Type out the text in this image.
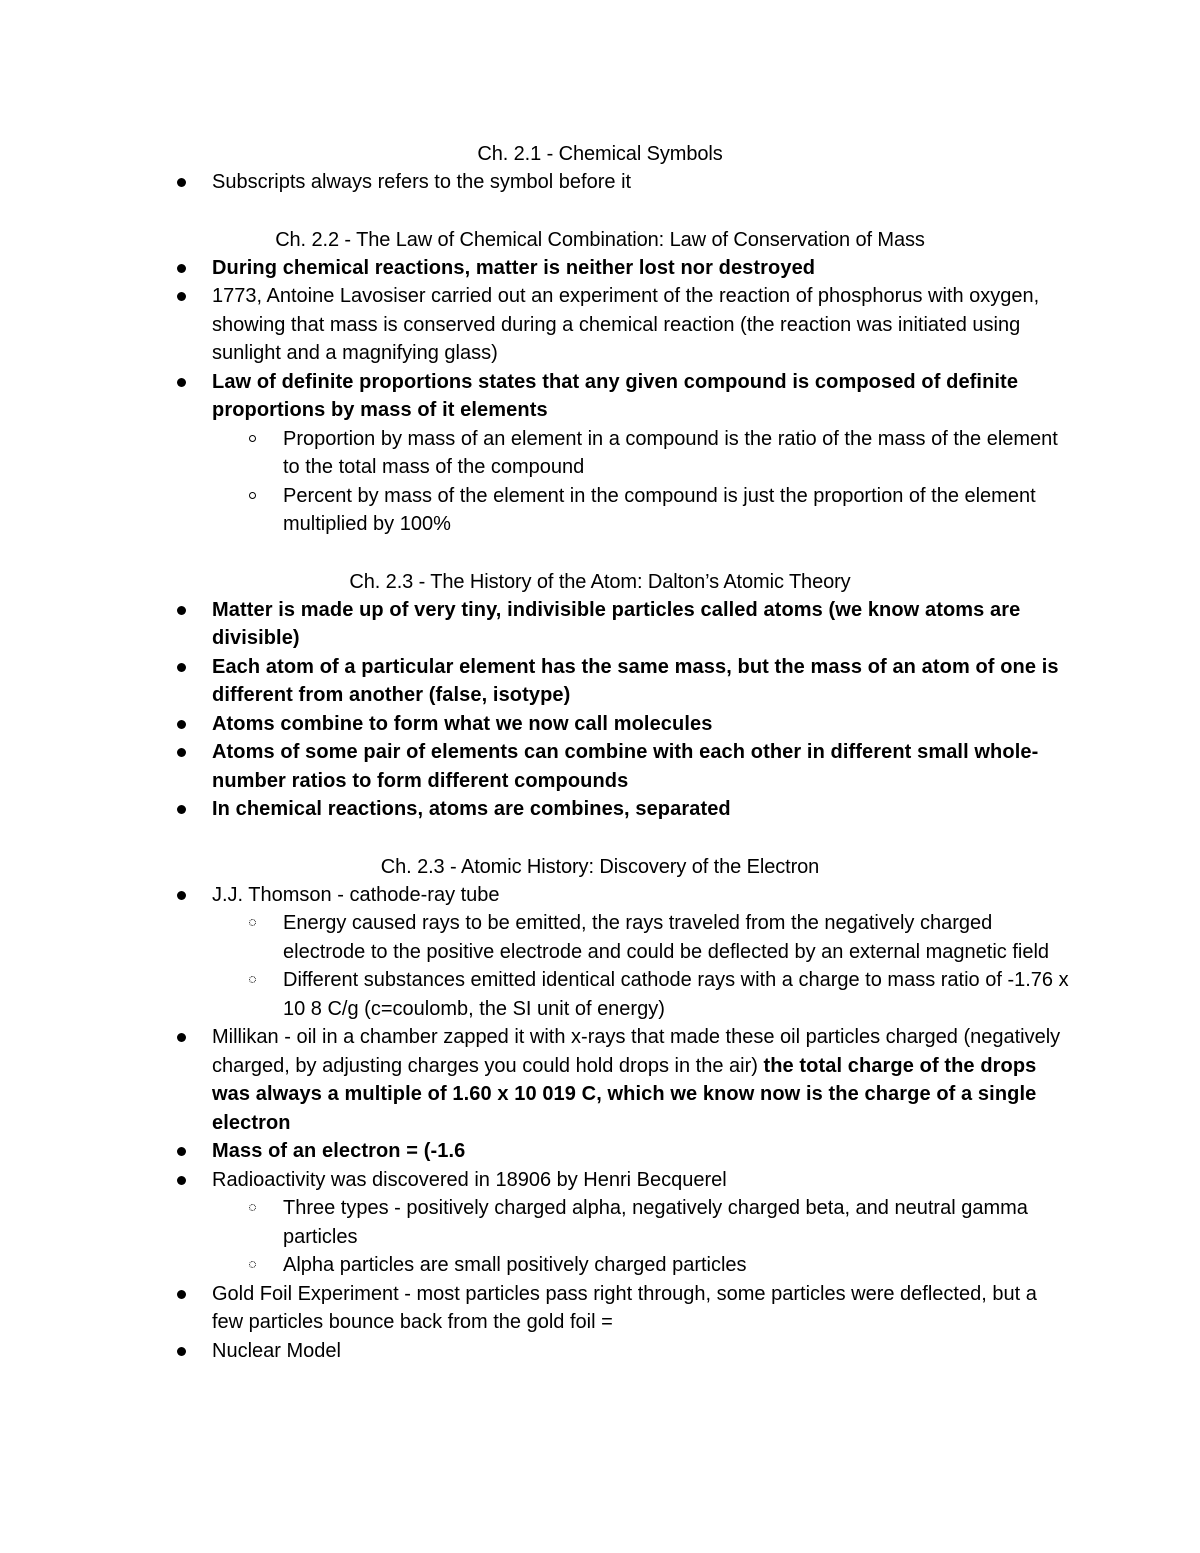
Ch. 2.1 - Chemical Symbols

Subscripts always refers to the symbol before it

Ch. 2.2 - The Law of Chemical Combination: Law of Conservation of Mass

During chemical reactions, matter is neither lost nor destroyed

1773, Antoine Lavosiser carried out an experiment of the reaction of phosphorus with oxygen, showing that mass is conserved during a chemical reaction (the reaction was initiated using sunlight and a magnifying glass)

Law of definite proportions states that any given compound is composed of definite proportions by mass of it elements

Proportion by mass of an element in a compound is the ratio of the mass of the element to the total mass of the compound

Percent by mass of the element in the compound is just the proportion of the element multiplied by 100%

Ch. 2.3 - The History of the Atom: Dalton’s Atomic Theory

Matter is made up of very tiny, indivisible particles called atoms (we know atoms are divisible)

Each atom of a particular element has the same mass, but the mass of an atom of one is different from another (false, isotype)

Atoms combine to form what we now call molecules

Atoms of some pair of elements can combine with each other in different small whole-number ratios to form different compounds

In chemical reactions, atoms are combines, separated

Ch. 2.3 - Atomic History: Discovery of the Electron

J.J. Thomson - cathode-ray tube

Energy caused rays to be emitted, the rays traveled from the negatively charged electrode to the positive electrode and could be deflected by an external magnetic field

Different substances emitted identical cathode rays with a charge to mass ratio of -1.76 x 10 8 C/g (c=coulomb, the SI unit of energy)

Millikan - oil in a chamber zapped it with x-rays that made these oil particles charged (negatively charged, by adjusting charges you could hold drops in the air) the total charge of the drops was always a multiple of 1.60 x 10 019 C, which we know now is the charge of a single electron

Mass of an electron = (-1.6

Radioactivity was discovered in 18906 by Henri Becquerel

Three types - positively charged alpha, negatively charged beta, and neutral gamma particles

Alpha particles are small positively charged particles

Gold Foil Experiment - most particles pass right through, some particles were deflected, but a few particles bounce back from the gold foil =

Nuclear Model
